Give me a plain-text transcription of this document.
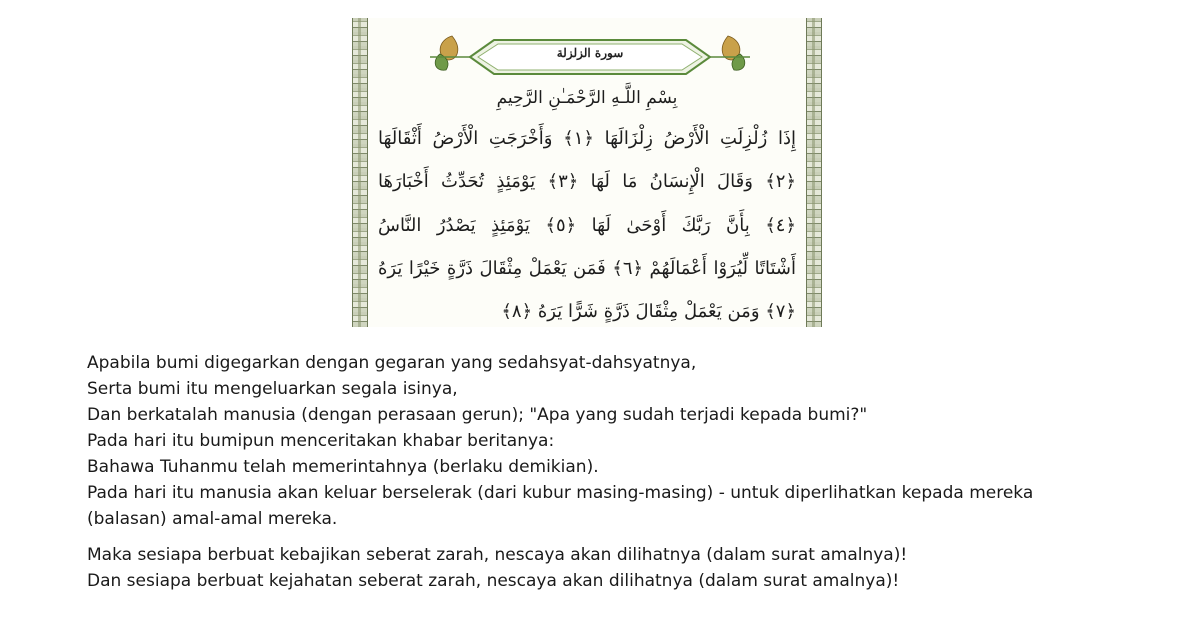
سورة الزلزلة
بِسْمِ اللَّـهِ الرَّحْمَـٰنِ الرَّحِيمِ
إِذَا زُلْزِلَتِ الْأَرْضُ زِلْزَالَهَا ﴿١﴾ وَأَخْرَجَتِ الْأَرْضُ أَثْقَالَهَا
﴿٢﴾ وَقَالَ الْإِنسَانُ مَا لَهَا ﴿٣﴾ يَوْمَئِذٍ تُحَدِّثُ أَخْبَارَهَا
﴿٤﴾ بِأَنَّ رَبَّكَ أَوْحَىٰ لَهَا ﴿٥﴾ يَوْمَئِذٍ يَصْدُرُ النَّاسُ
أَشْتَاتًا لِّيُرَوْا أَعْمَالَهُمْ ﴿٦﴾ فَمَن يَعْمَلْ مِثْقَالَ ذَرَّةٍ خَيْرًا يَرَهُ
﴿٧﴾ وَمَن يَعْمَلْ مِثْقَالَ ذَرَّةٍ شَرًّا يَرَهُ ﴿٨﴾

Apabila bumi digegarkan dengan gegaran yang sedahsyat-dahsyatnya,

Serta bumi itu mengeluarkan segala isinya,

Dan berkatalah manusia (dengan perasaan gerun); "Apa yang sudah terjadi kepada bumi?"

Pada hari itu bumipun menceritakan khabar beritanya:

Bahawa Tuhanmu telah memerintahnya (berlaku demikian).

Pada hari itu manusia akan keluar berselerak (dari kubur masing-masing) - untuk diperlihatkan kepada mereka (balasan) amal-amal mereka.

Maka sesiapa berbuat kebajikan seberat zarah, nescaya akan dilihatnya (dalam surat amalnya)!

Dan sesiapa berbuat kejahatan seberat zarah, nescaya akan dilihatnya (dalam surat amalnya)!
